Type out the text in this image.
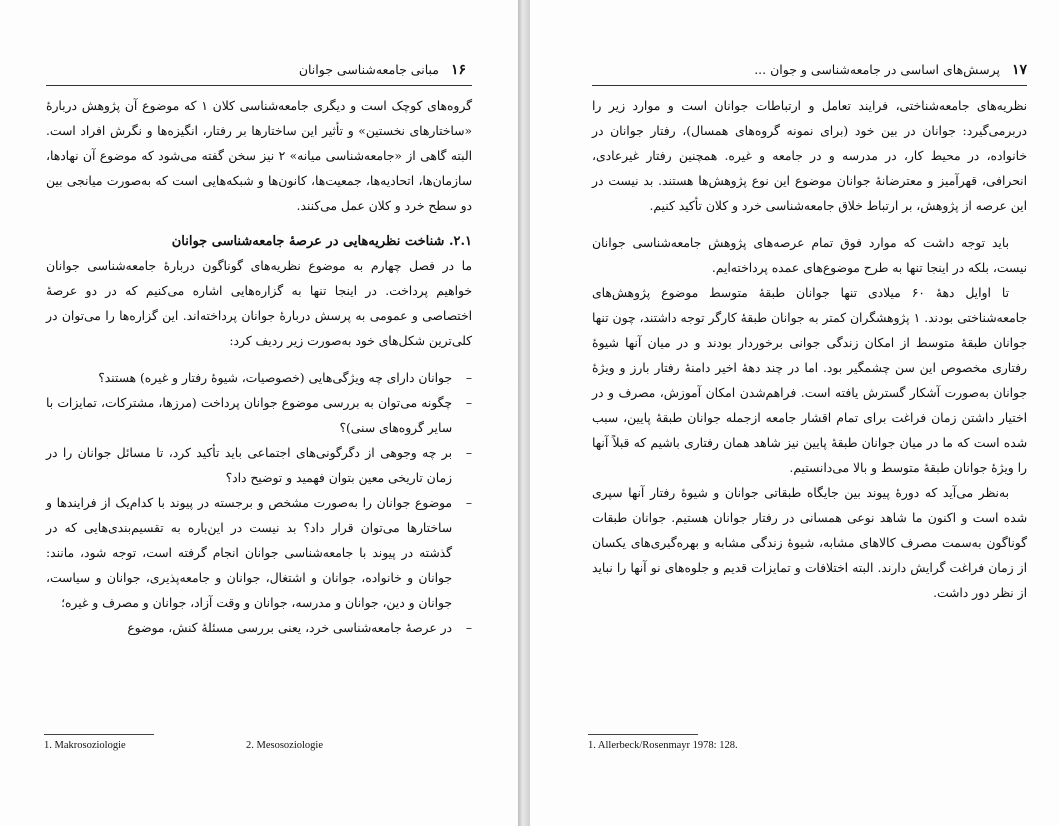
۱۶ مبانی جامعه‌شناسی جوانان

گروه‌های کوچک است و دیگری جامعه‌شناسی کلان ۱ که موضوع آن پژوهش دربارهٔ «ساختارهای نخستین» و تأثیر این ساختارها بر رفتار، انگیزه‌ها و نگرش افراد است. البته گاهی از «جامعه‌شناسی میانه» ۲ نیز سخن گفته می‌شود که موضوع آن نهادها، سازمان‌ها، اتحادیه‌ها، جمعیت‌ها، کانون‌ها و شبکه‌هایی است که به‌صورت میانجی بین دو سطح خرد و کلان عمل می‌کنند.

۲.۱. شناخت نظریه‌هایی در عرصهٔ جامعه‌شناسی جوانان

ما در فصل چهارم به موضوع نظریه‌های گوناگون دربارهٔ جامعه‌شناسی جوانان خواهیم پرداخت. در اینجا تنها به گزاره‌هایی اشاره می‌کنیم که در دو عرصهٔ اختصاصی و عمومی به پرسش دربارهٔ جوانان پرداخته‌اند. این گزاره‌ها را می‌توان در کلی‌ترین شکل‌های خود به‌صورت زیر ردیف کرد:

–
جوانان دارای چه ویژگی‌هایی (خصوصیات، شیوهٔ رفتار و غیره) هستند؟
–
چگونه می‌توان به بررسی موضوع جوانان پرداخت (مرزها، مشترکات، تمایزات با سایر گروه‌های سنی)؟
–
بر چه وجوهی از دگرگونی‌های اجتماعی باید تأکید کرد، تا مسائل جوانان را در زمان تاریخی معین بتوان فهمید و توضیح داد؟
–
موضوع جوانان را به‌صورت مشخص و برجسته در پیوند با کدام‌یک از فرایندها و ساختارها می‌توان قرار داد؟ بد نیست در این‌باره به تقسیم‌بندی‌هایی که در گذشته در پیوند با جامعه‌شناسی جوانان انجام گرفته است، توجه شود، مانند: جوانان و خانواده، جوانان و اشتغال، جوانان و جامعه‌پذیری، جوانان و سیاست، جوانان و دین، جوانان و مدرسه، جوانان و وقت آزاد، جوانان و مصرف و غیره؛
–
در عرصهٔ جامعه‌شناسی خرد، یعنی بررسی مسئلهٔ کنش، موضوع
1. Makrosoziologie	2. Mesosoziologie
۱۷ پرسش‌های اساسی در جامعه‌شناسی و جوان ...

نظریه‌های جامعه‌شناختی، فرایند تعامل و ارتباطات جوانان است و موارد زیر را دربرمی‌گیرد: جوانان در بین خود (برای نمونه گروه‌های همسال)، رفتار جوانان در خانواده، در محیط کار، در مدرسه و در جامعه و غیره. همچنین رفتار غیرعادی، انحرافی، قهرآمیز و معترضانهٔ جوانان موضوع این نوع پژوهش‌ها هستند. بد نیست در این عرصه از پژوهش، بر ارتباط خلاق جامعه‌شناسی خرد و کلان تأکید کنیم.

باید توجه داشت که موارد فوق تمام عرصه‌های پژوهش جامعه‌شناسی جوانان نیست، بلکه در اینجا تنها به طرح موضوع‌های عمده پرداخته‌ایم.

تا اوایل دههٔ ۶۰ میلادی تنها جوانان طبقهٔ متوسط موضوع پژوهش‌های جامعه‌شناختی بودند. ۱ پژوهشگران کمتر به جوانان طبقهٔ کارگر توجه داشتند، چون تنها جوانان طبقهٔ متوسط از امکان زندگی جوانی برخوردار بودند و در میان آنها شیوهٔ رفتاری مخصوص این سن چشمگیر بود. اما در چند دههٔ اخیر دامنهٔ رفتار بارز و ویژهٔ جوانان به‌صورت آشکار گسترش یافته است. فراهم‌شدن امکان آموزش، مصرف و در اختیار داشتن زمان فراغت برای تمام اقشار جامعه ازجمله جوانان طبقهٔ پایین، سبب شده است که ما در میان جوانان طبقهٔ پایین نیز شاهد همان رفتاری باشیم که قبلاً آنها را ویژهٔ جوانان طبقهٔ متوسط و بالا می‌دانستیم.

به‌نظر می‌آید که دورهٔ پیوند بین جایگاه طبقاتی جوانان و شیوهٔ رفتار آنها سپری شده است و اکنون ما شاهد نوعی همسانی در رفتار جوانان هستیم. جوانان طبقات گوناگون به‌سمت مصرف کالاهای مشابه، شیوهٔ زندگی مشابه و بهره‌گیری‌های یکسان از زمان فراغت گرایش دارند. البته اختلافات و تمایزات قدیم و جلوه‌های نو آنها را نباید از نظر دور داشت.

1. Allerbeck/Rosenmayr 1978: 128.
